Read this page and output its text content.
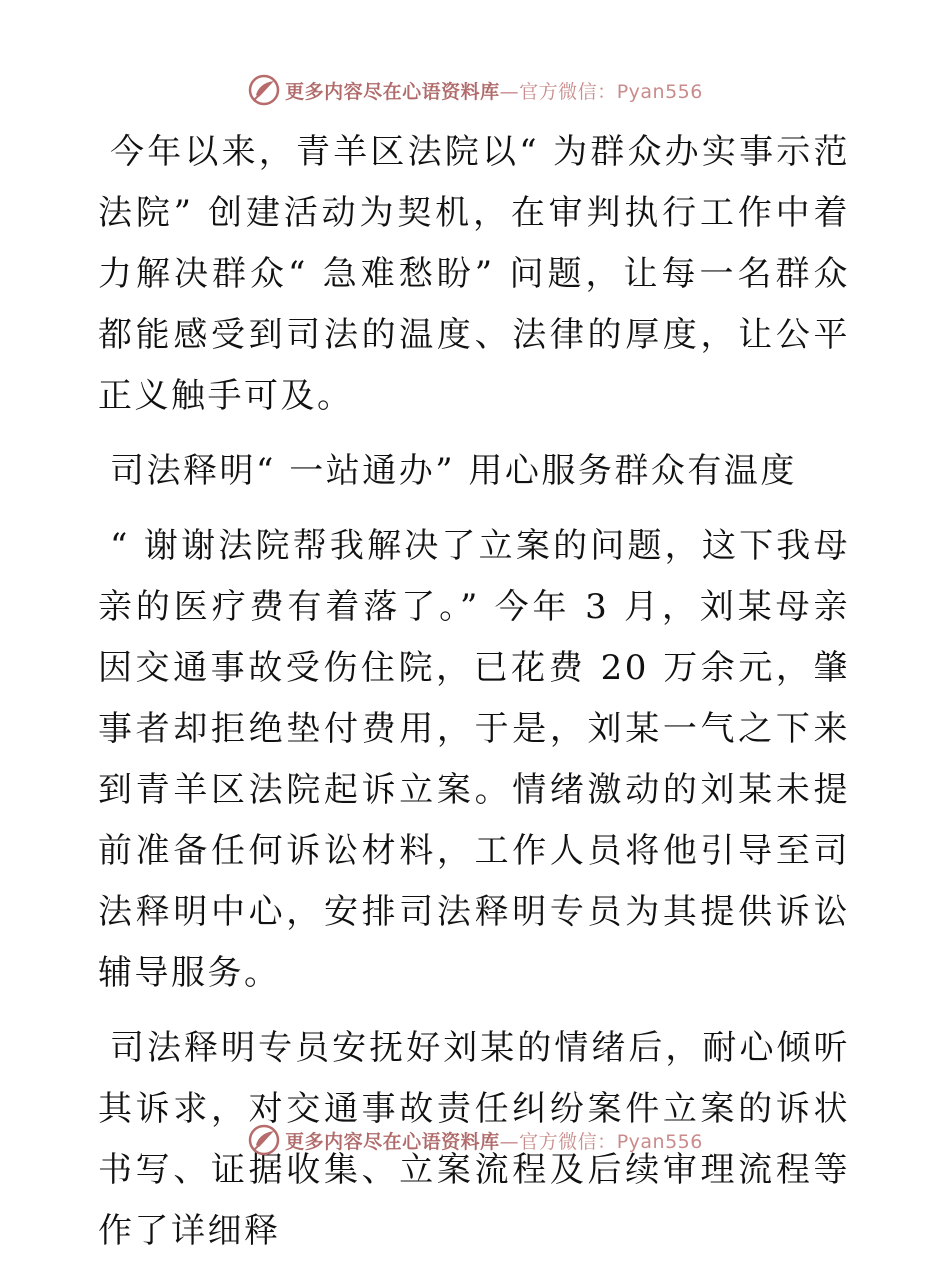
更多内容尽在心语资料库—官方微信：Pyan556

今年以来，青羊区法院以“ 为群众办实事示范法院” 创建活动为契机，在审判执行工作中着力解决群众“ 急难愁盼” 问题，让每一名群众都能感受到司法的温度、法律的厚度，让公平正义触手可及。

司法释明“ 一站通办” 用心服务群众有温度

“ 谢谢法院帮我解决了立案的问题，这下我母亲的医疗费有着落了。” 今年 3 月，刘某母亲因交通事故受伤住院，已花费 20 万余元，肇事者却拒绝垫付费用，于是，刘某一气之下来到青羊区法院起诉立案。情绪激动的刘某未提前准备任何诉讼材料，工作人员将他引导至司法释明中心，安排司法释明专员为其提供诉讼辅导服务。

司法释明专员安抚好刘某的情绪后，耐心倾听其诉求，对交通事故责任纠纷案件立案的诉状书写、证据收集、立案流程及后续审理流程等作了详细释

更多内容尽在心语资料库—官方微信：Pyan556
